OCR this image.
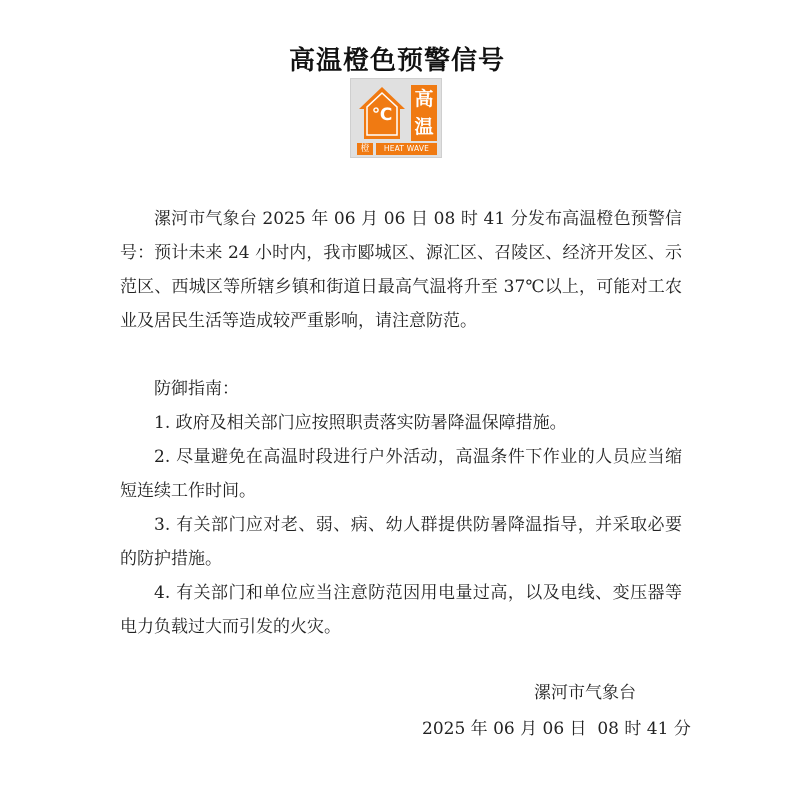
高温橙色预警信号
℃
高
温
橙	HEAT WAVE

漯河市气象台 2025 年 06 月 06 日 08 时 41 分发布高温橙色预警信号：预计未来 24 小时内，我市郾城区、源汇区、召陵区、经济开发区、示范区、西城区等所辖乡镇和街道日最高气温将升至 37℃以上，可能对工农业及居民生活等造成较严重影响，请注意防范。

防御指南：

1. 政府及相关部门应按照职责落实防暑降温保障措施。

2. 尽量避免在高温时段进行户外活动，高温条件下作业的人员应当缩短连续工作时间。

3. 有关部门应对老、弱、病、幼人群提供防暑降温指导，并采取必要的防护措施。

4. 有关部门和单位应当注意防范因用电量过高，以及电线、变压器等电力负载过大而引发的火灾。

漯河市气象台
2025 年 06 月 06 日  08 时 41 分
